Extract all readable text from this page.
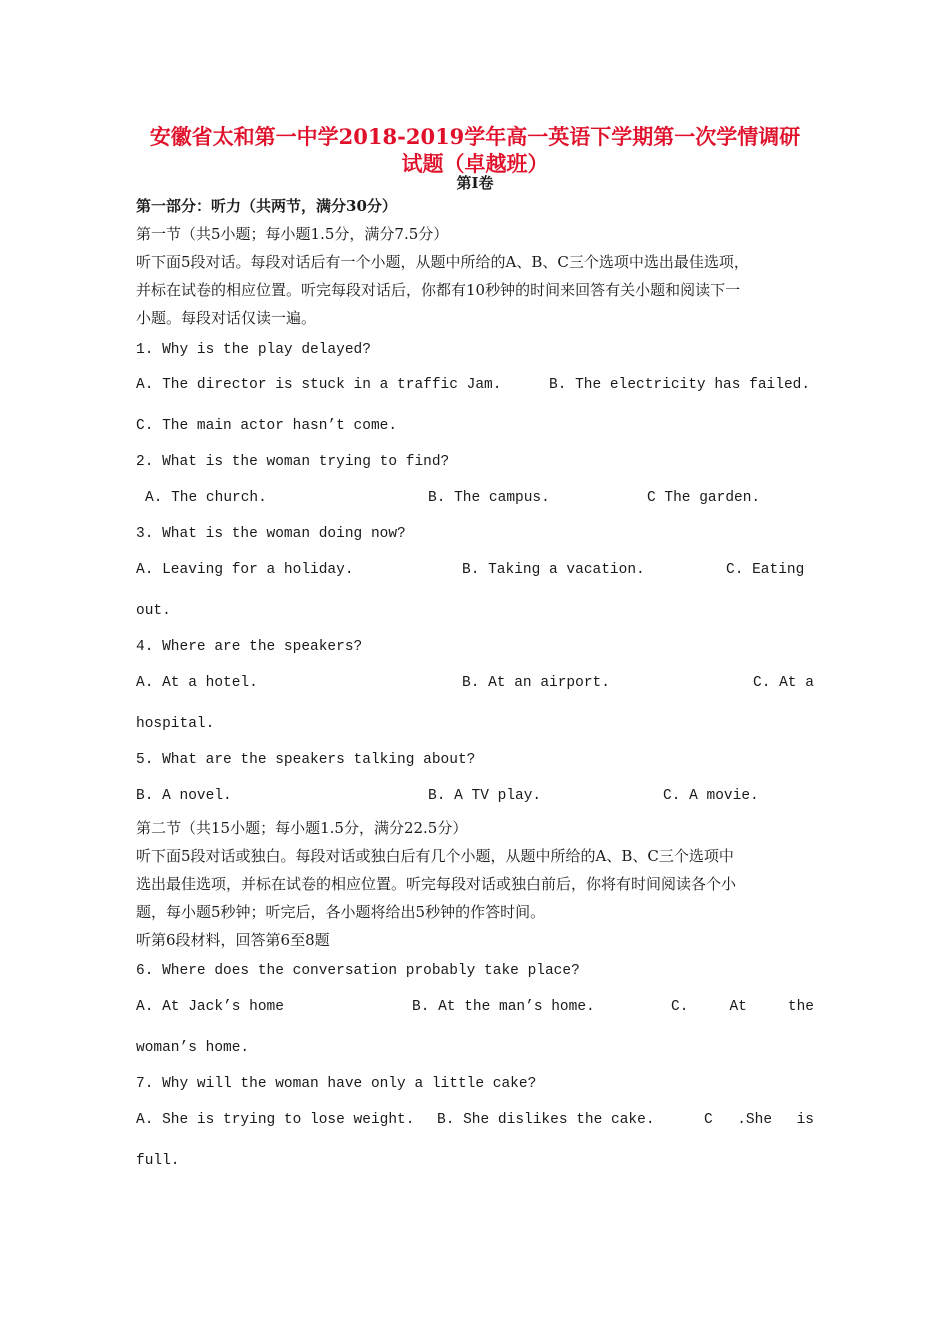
安徽省太和第一中学2018-2019学年高一英语下学期第一次学情调研
试题（卓越班）
第Ⅰ卷
第一部分：听力（共两节，满分30分）
第一节（共5小题；每小题1.5分，满分7.5分）
听下面5段对话。每段对话后有一个小题，从题中所给的A、B、C三个选项中选出最佳选项，
并标在试卷的相应位置。听完每段对话后，你都有10秒钟的时间来回答有关小题和阅读下一
小题。每段对话仅读一遍。
1. Why is the play delayed?
A. The director is stuck in a traffic Jam.	B. The electricity has failed.
C. The main actor hasn’t come.
2. What is the woman trying to find?
A. The church.	B. The campus.	C The garden.
3. What is the woman doing now?
A. Leaving for a holiday.	B. Taking a vacation.	C. Eating
out.
4. Where are the speakers?
A. At a hotel.	B. At an airport.	C. At a
hospital.
5. What are the speakers talking about?
B. A novel.	B. A TV play.	C. A movie.
第二节（共15小题；每小题1.5分，满分22.5分）
听下面5段对话或独白。每段对话或独白后有几个小题，从题中所给的A、B、C三个选项中
选出最佳选项，并标在试卷的相应位置。听完每段对话或独白前后，你将有时间阅读各个小
题，每小题5秒钟；听完后，各小题将给出5秒钟的作答时间。
听第6段材料，回答第6至8题
6. Where does the conversation probably take place?
A. At Jack’s home	B. At the man’s home.	C.	At	the
woman’s home.
7. Why will the woman have only a little cake?
A. She is trying to lose weight. B. She dislikes the cake.	C .She is
full.
